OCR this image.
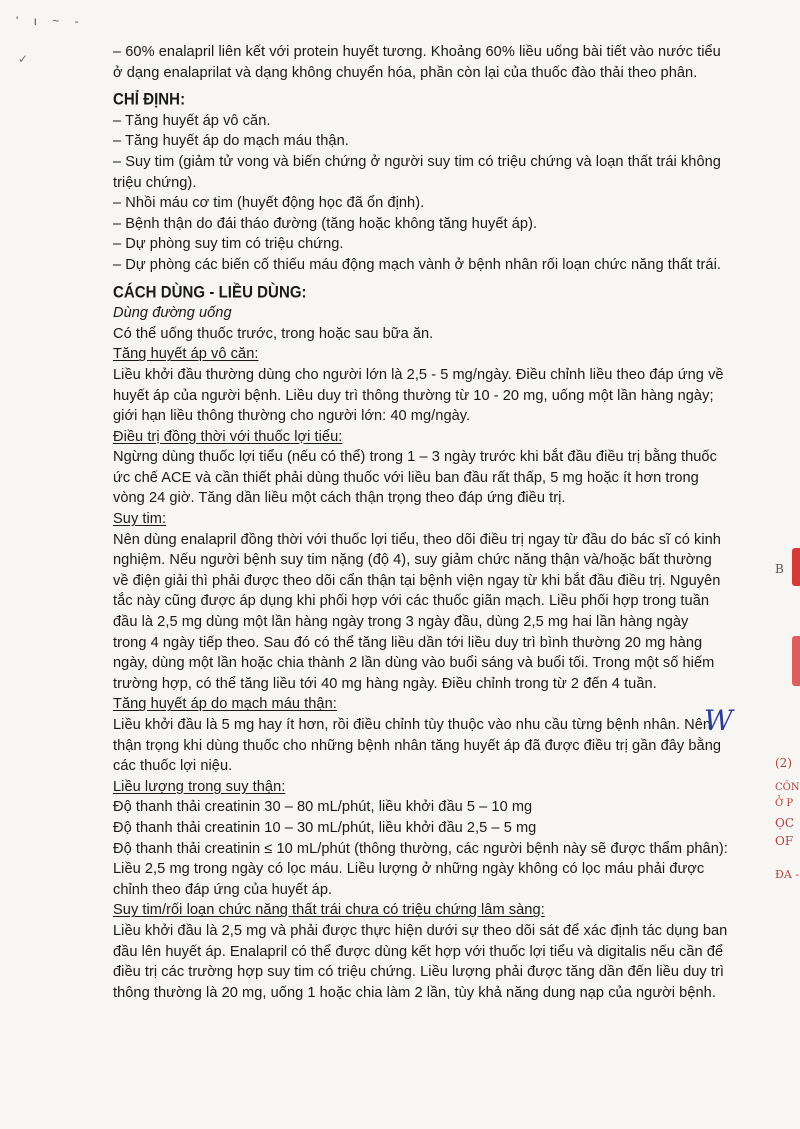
' ı ~ -
✓	– 60% enalapril liên kết với protein huyết tương. Khoảng 60% liều uống bài tiết vào nước tiểu

ở dạng enalaprilat và dạng không chuyển hóa, phần còn lại của thuốc đào thải theo phân.

CHỈ ĐỊNH:

– Tăng huyết áp vô căn.

– Tăng huyết áp do mạch máu thận.

– Suy tim (giảm tử vong và biến chứng ở người suy tim có triệu chứng và loạn thất trái không

triệu chứng).

– Nhồi máu cơ tim (huyết động học đã ổn định).

– Bệnh thận do đái tháo đường (tăng hoặc không tăng huyết áp).

– Dự phòng suy tim có triệu chứng.

– Dự phòng các biến cố thiếu máu động mạch vành ở bệnh nhân rối loạn chức năng thất trái.

CÁCH DÙNG - LIỀU DÙNG:

Dùng đường uống

Có thể uống thuốc trước, trong hoặc sau bữa ăn.

Tăng huyết áp vô căn:

Liều khởi đầu thường dùng cho người lớn là 2,5 - 5 mg/ngày. Điều chỉnh liều theo đáp ứng về

huyết áp của người bệnh. Liều duy trì thông thường từ 10 - 20 mg, uống một lần hàng ngày;

giới hạn liều thông thường cho người lớn: 40 mg/ngày.

Điều trị đồng thời với thuốc lợi tiểu:

Ngừng dùng thuốc lợi tiểu (nếu có thể) trong 1 – 3 ngày trước khi bắt đầu điều trị bằng thuốc

ức chế ACE và cần thiết phải dùng thuốc với liều ban đầu rất thấp, 5 mg hoặc ít hơn trong

vòng 24 giờ. Tăng dần liều một cách thận trọng theo đáp ứng điều trị.

Suy tim:

Nên dùng enalapril đồng thời với thuốc lợi tiểu, theo dõi điều trị ngay từ đầu do bác sĩ có kinh

nghiệm. Nếu người bệnh suy tim nặng (độ 4), suy giảm chức năng thận và/hoặc bất thường

về điện giải thì phải được theo dõi cẩn thận tại bệnh viện ngay từ khi bắt đầu điều trị. Nguyên

tắc này cũng được áp dụng khi phối hợp với các thuốc giãn mạch. Liều phối hợp trong tuần

đầu là 2,5 mg dùng một lần hàng ngày trong 3 ngày đầu, dùng 2,5 mg hai lần hàng ngày

trong 4 ngày tiếp theo. Sau đó có thể tăng liều dần tới liều duy trì bình thường 20 mg hàng

ngày, dùng một lần hoặc chia thành 2 lần dùng vào buổi sáng và buổi tối. Trong một số hiếm

trường hợp, có thể tăng liều tới 40 mg hàng ngày. Điều chỉnh trong từ 2 đến 4 tuần.

Tăng huyết áp do mạch máu thận:

Liều khởi đầu là 5 mg hay ít hơn, rồi điều chỉnh tùy thuộc vào nhu cầu từng bệnh nhân. Nên

thận trọng khi dùng thuốc cho những bệnh nhân tăng huyết áp đã được điều trị gần đây bằng

các thuốc lợi niệu.

Liều lượng trong suy thận:

Độ thanh thải creatinin 30 – 80 mL/phút, liều khởi đầu 5 – 10 mg

Độ thanh thải creatinin 10 – 30 mL/phút, liều khởi đầu 2,5 – 5 mg

Độ thanh thải creatinin ≤ 10 mL/phút (thông thường, các người bệnh này sẽ được thẩm phân):

Liều 2,5 mg trong ngày có lọc máu. Liều lượng ở những ngày không có lọc máu phải được

chỉnh theo đáp ứng của huyết áp.

Suy tim/rối loạn chức năng thất trái chưa có triệu chứng lâm sàng:

Liều khởi đầu là 2,5 mg và phải được thực hiện dưới sự theo dõi sát để xác định tác dụng ban

đầu lên huyết áp. Enalapril có thể được dùng kết hợp với thuốc lợi tiểu và digitalis nếu cần để

điều trị các trường hợp suy tim có triệu chứng. Liều lượng phải được tăng dần đến liều duy trì

thông thường là 20 mg, uống 1 hoặc chia làm 2 lần, tùy khả năng dung nạp của người bệnh.

W
B
(2)
CÔN
Ở P
ỌC
OF
ĐA -
